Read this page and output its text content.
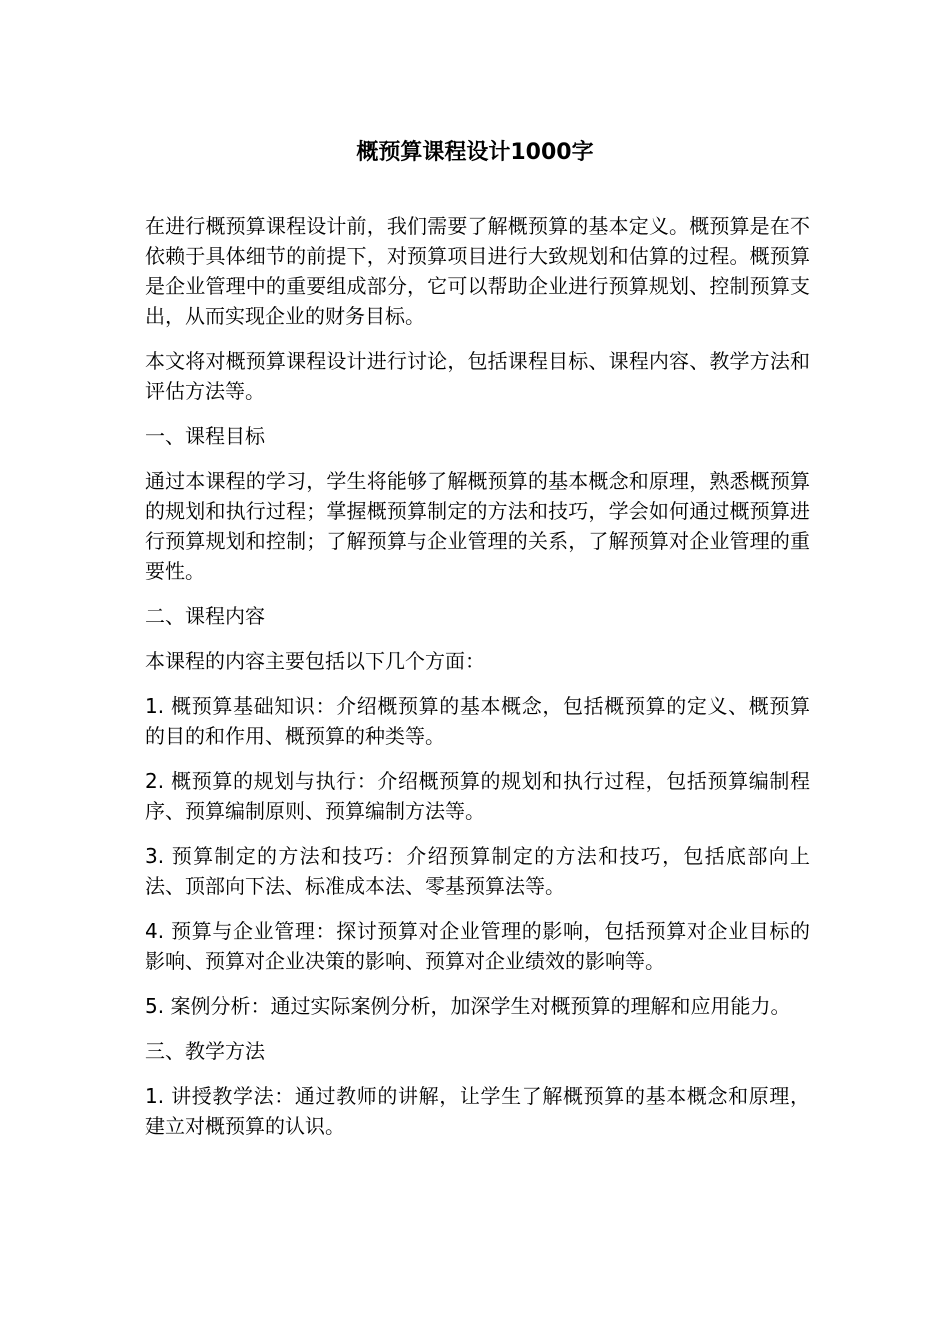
概预算课程设计1000字

在进行概预算课程设计前，我们需要了解概预算的基本定义。概预算是在不依赖于具体细节的前提下，对预算项目进行大致规划和估算的过程。概预算是企业管理中的重要组成部分，它可以帮助企业进行预算规划、控制预算支出，从而实现企业的财务目标。

本文将对概预算课程设计进行讨论，包括课程目标、课程内容、教学方法和评估方法等。

一、课程目标

通过本课程的学习，学生将能够了解概预算的基本概念和原理，熟悉概预算的规划和执行过程；掌握概预算制定的方法和技巧，学会如何通过概预算进行预算规划和控制；了解预算与企业管理的关系，了解预算对企业管理的重要性。

二、课程内容

本课程的内容主要包括以下几个方面：

1. 概预算基础知识：介绍概预算的基本概念，包括概预算的定义、概预算的目的和作用、概预算的种类等。

2. 概预算的规划与执行：介绍概预算的规划和执行过程，包括预算编制程序、预算编制原则、预算编制方法等。

3. 预算制定的方法和技巧：介绍预算制定的方法和技巧，包括底部向上法、顶部向下法、标准成本法、零基预算法等。

4. 预算与企业管理：探讨预算对企业管理的影响，包括预算对企业目标的影响、预算对企业决策的影响、预算对企业绩效的影响等。

5. 案例分析：通过实际案例分析，加深学生对概预算的理解和应用能力。

三、教学方法

1. 讲授教学法：通过教师的讲解，让学生了解概预算的基本概念和原理，建立对概预算的认识。
